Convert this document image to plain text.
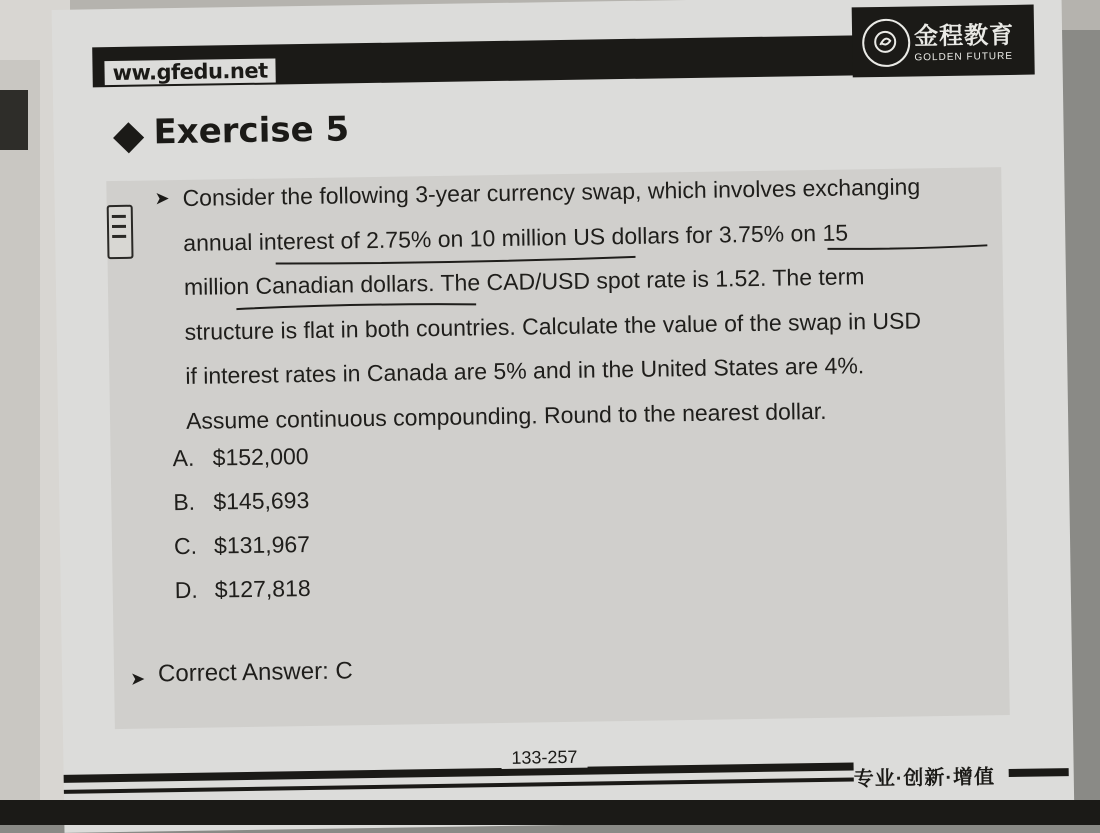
ww.gfedu.net
金程教育
GOLDEN FUTURE
Exercise 5
➤ Consider the following 3-year currency swap, which involves exchanging
annual interest of 2.75% on 10 million US dollars for 3.75% on 15
million Canadian dollars. The CAD/USD spot rate is 1.52. The term
structure is flat in both countries. Calculate the value of the swap in USD
if interest rates in Canada are 5% and in the United States are 4%.
Assume continuous compounding. Round to the nearest dollar.
A. $152,000
B. $145,693
C. $131,967
D. $127,818
➤ Correct Answer: C
133-257
专业·创新·增值
